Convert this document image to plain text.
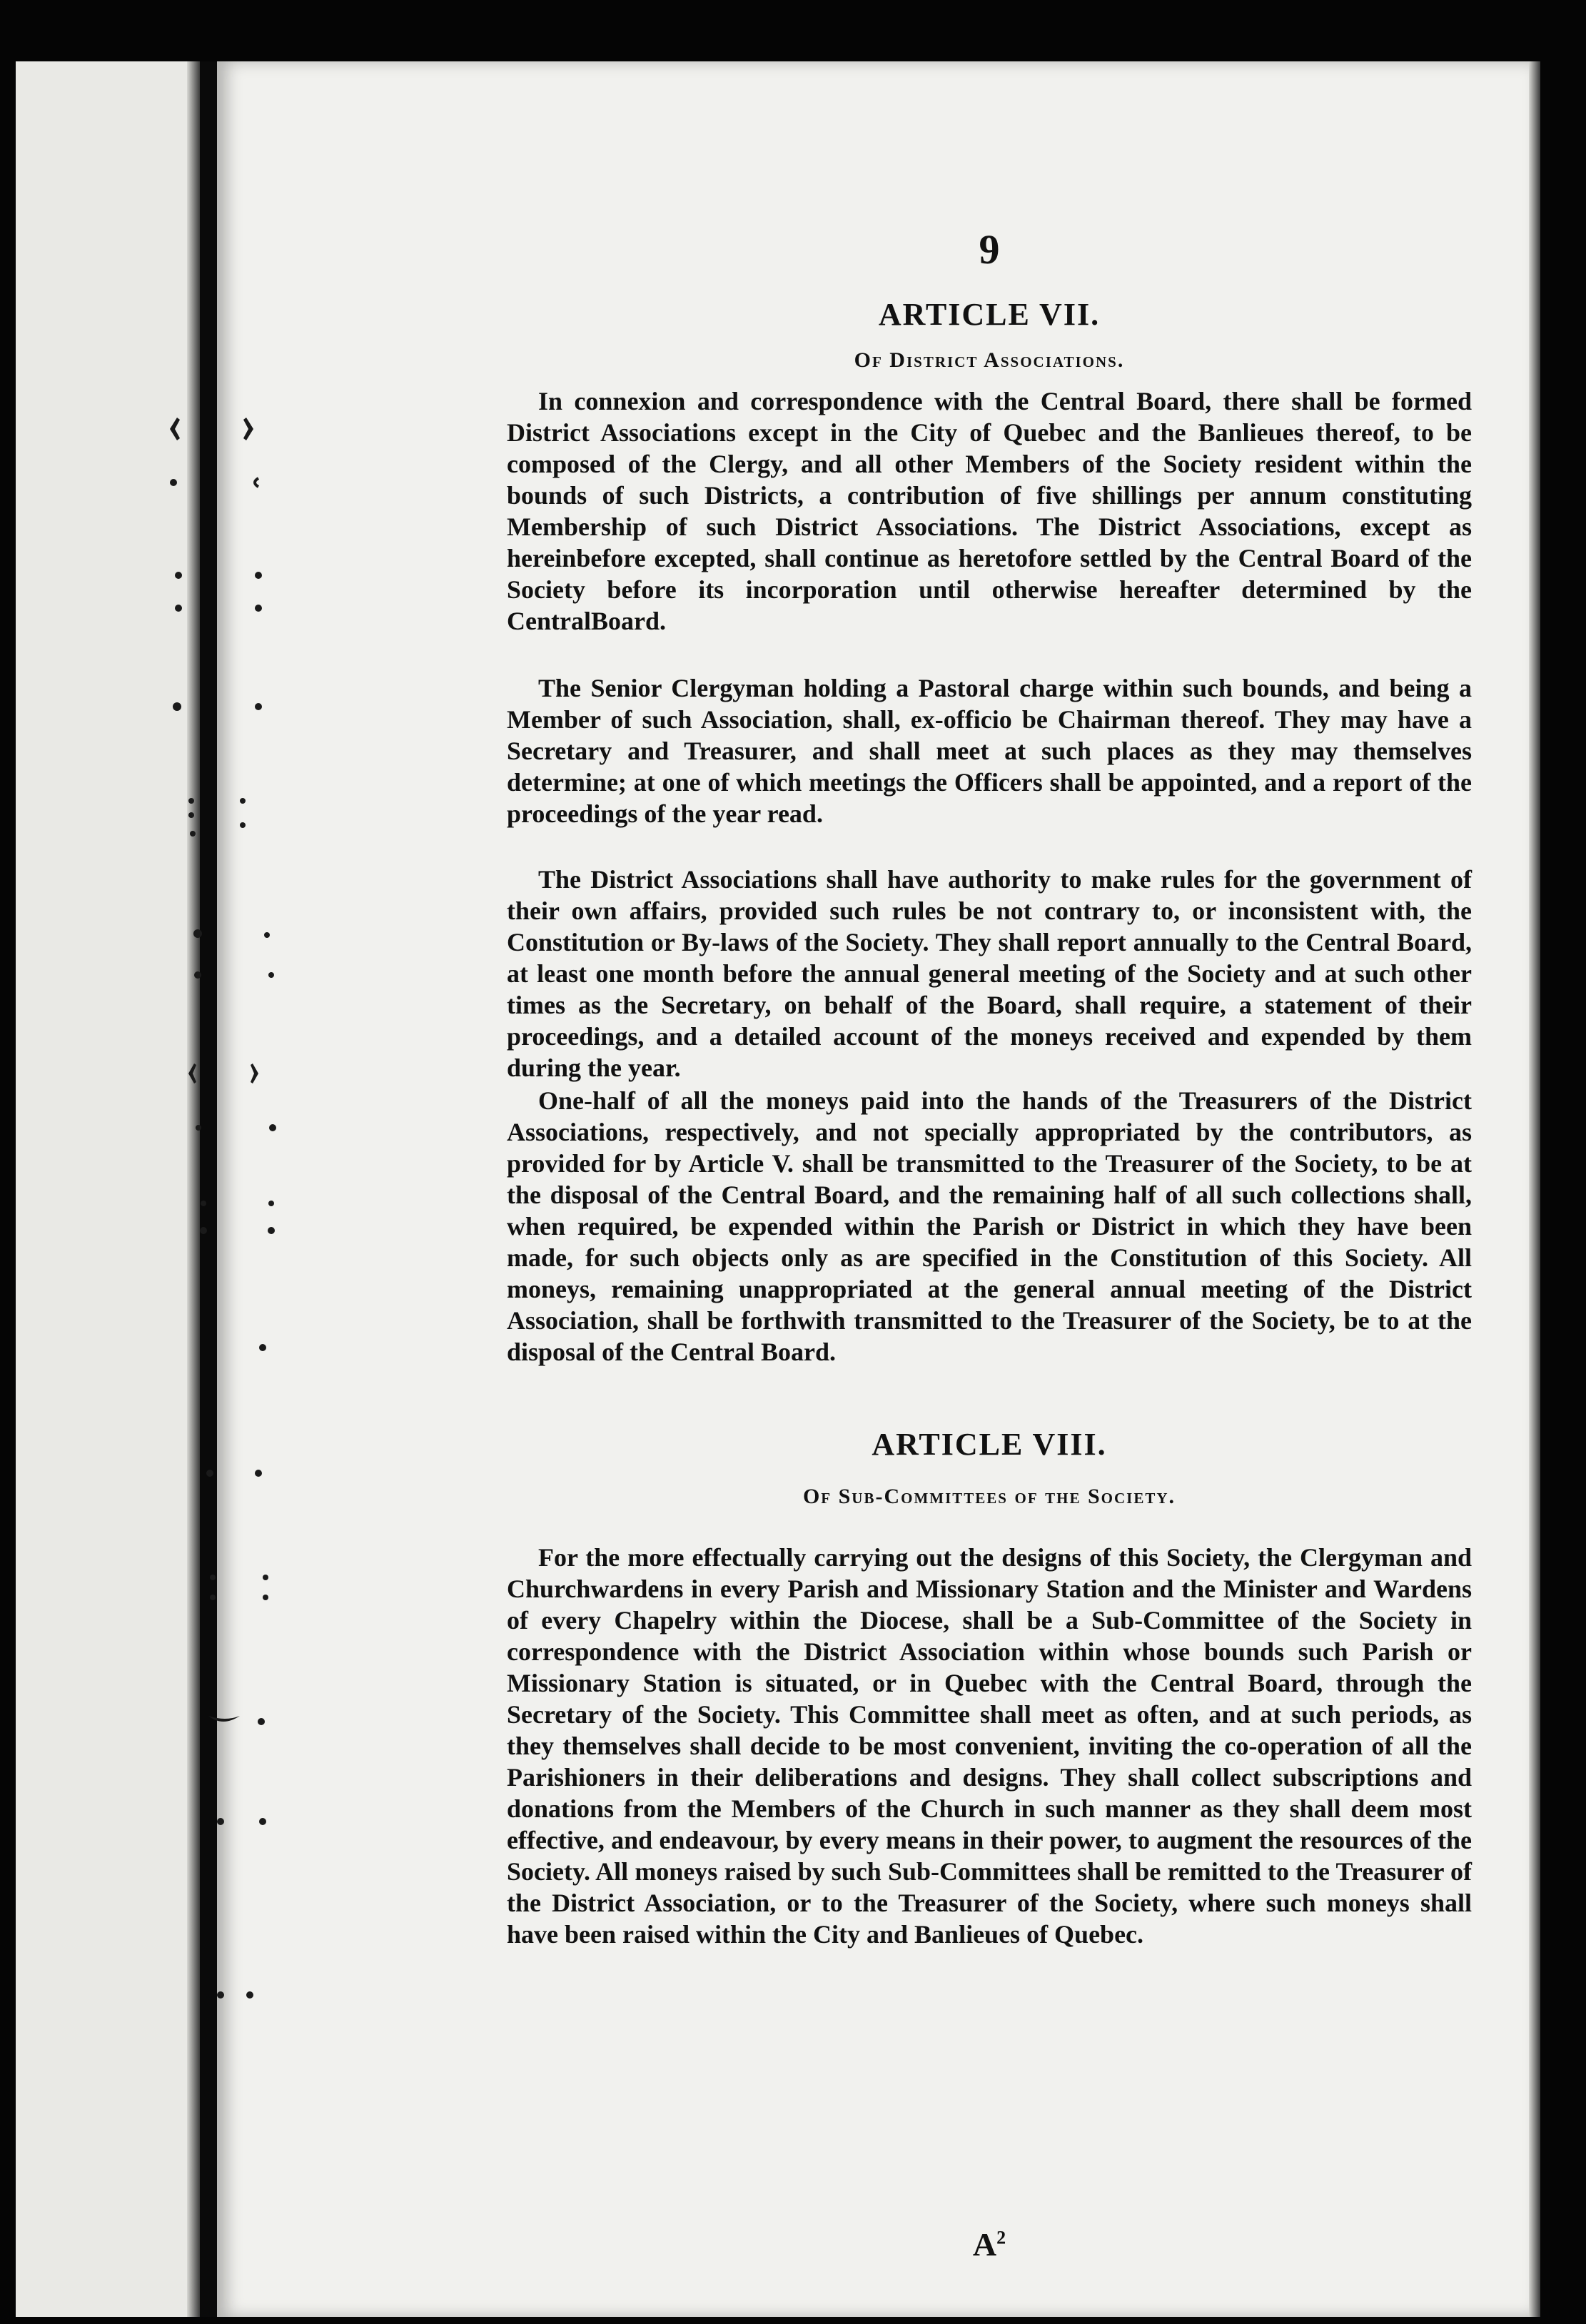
9
ARTICLE VII.
Of District Associations.

In connexion and correspondence with the Central Board, there shall be formed District Associations except in the City of Quebec and the Banlieues thereof, to be composed of the Clergy, and all other Members of the Society resident within the bounds of such Districts, a contribution of five shillings per annum constituting Membership of such District Associations. The District Associations, except as hereinbefore excepted, shall continue as heretofore settled by the Central Board of the Society before its incorporation until otherwise hereafter determined by the CentralBoard.

The Senior Clergyman holding a Pastoral charge within such bounds, and being a Member of such Association, shall, ex-officio be Chairman thereof. They may have a Secretary and Treasurer, and shall meet at such places as they may themselves determine; at one of which meetings the Officers shall be appointed, and a report of the proceedings of the year read.

The District Associations shall have authority to make rules for the government of their own affairs, provided such rules be not contrary to, or inconsistent with, the Constitution or By-laws of the Society. They shall report annually to the Central Board, at least one month before the annual general meeting of the Society and at such other times as the Secretary, on behalf of the Board, shall require, a statement of their proceedings, and a detailed account of the moneys received and expended by them during the year.

One-half of all the moneys paid into the hands of the Treasurers of the District Associations, respectively, and not specially appropriated by the contributors, as provided for by Article V. shall be transmitted to the Treasurer of the Society, to be at the disposal of the Central Board, and the remaining half of all such collections shall, when required, be expended within the Parish or District in which they have been made, for such objects only as are specified in the Constitution of this Society. All moneys, remaining unappropriated at the general annual meeting of the District Association, shall be forthwith transmitted to the Treasurer of the Society, be to at the disposal of the Central Board.

ARTICLE VIII.
Of Sub-Committees of the Society.

For the more effectually carrying out the designs of this Society, the Clergyman and Churchwardens in every Parish and Missionary Station and the Minister and Wardens of every Chapelry within the Diocese, shall be a Sub-Committee of the Society in correspondence with the District Association within whose bounds such Parish or Missionary Station is situated, or in Quebec with the Central Board, through the Secretary of the Society. This Committee shall meet as often, and at such periods, as they themselves shall decide to be most convenient, inviting the co-operation of all the Parishioners in their deliberations and designs. They shall collect subscriptions and donations from the Members of the Church in such manner as they shall deem most effective, and endeavour, by every means in their power, to augment the resources of the Society. All moneys raised by such Sub-Committees shall be remitted to the Treasurer of the District Association, or to the Treasurer of the Society, where such moneys shall have been raised within the City and Banlieues of Quebec.

$A^2$
